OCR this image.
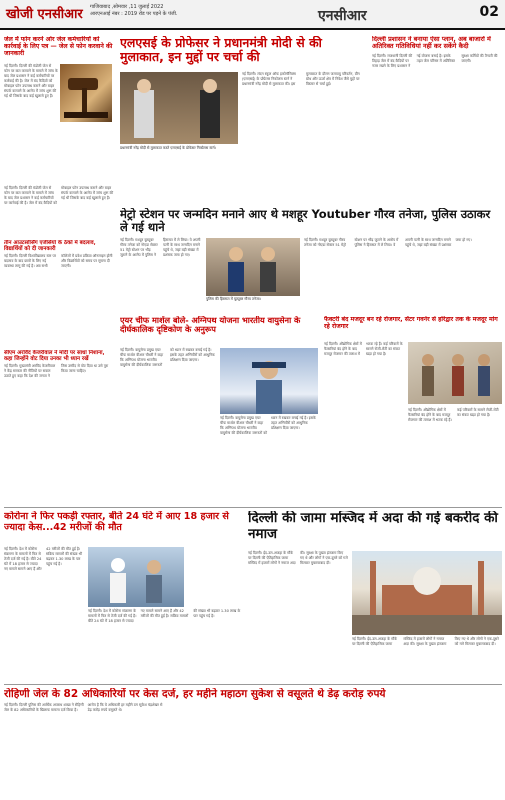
खोजी एनसीआर गाजियाबाद ,सोमवार ,11 जुलाई 2022
आरएनआई नंबर : 2019 रोड पर पड़ने के पंजी.	एनसीआर	02
जेल में फोन करने ओर जेल कर्मचारियों को कार्रवाई के लिए पत्र — जेल से फोन करवाने की जानकारी
नई दिल्ली। दिल्ली की मंडोली जेल से फोन पर बात करवाने के मामले में जांच के बाद जेल प्रशासन ने कई कर्मचारियों पर कार्रवाई की है। जेल में बंद कैदियों को मोबाइल फोन उपलब्ध कराने और बाहर संपर्क करवाने के आरोप में जांच शुरू की गई थी जिसके बाद कई खुलासे हुए हैं।
नई दिल्ली। दिल्ली की मंडोली जेल से फोन पर बात करवाने के मामले में जांच के बाद जेल प्रशासन ने कई कर्मचारियों पर कार्रवाई की है। जेल में बंद कैदियों को मोबाइल फोन उपलब्ध कराने और बाहर संपर्क करवाने के आरोप में जांच शुरू की गई थी जिसके बाद कई खुलासे हुए हैं।
तीन आउटसोर्सिंग एजेंसियों के ठेकों में बदलाव, विद्यार्थियों को दी जानकारी
नई दिल्ली। दिल्ली विश्वविद्यालय स्तर पर बदलाव के बाद छात्रों के लिए नई व्यवस्था लागू की गई है। अब सभी कॉलेजों में प्रवेश प्रक्रिया ऑनलाइन होगी और विद्यार्थियों को समय पर सूचना दी जाएगी।
सीएम अरविंद केजरीवाल ने मोदी पर साधा निशाना, कहा जिन्होंने वोट दिया उनका भी ध्यान रखें
नई दिल्ली। मुख्यमंत्री अरविंद केजरीवाल ने केंद्र सरकार की नीतियों पर सवाल उठाते हुए कहा कि देश की जनता ने जिस उम्मीद से वोट दिया था उसे पूरा किया जाना चाहिए।
एलएसई के प्रोफेसर ने प्रधानमंत्री मोदी से की मुलाकात, इन मुद्दों पर चर्चा की
प्रधानमंत्री नरेंद्र मोदी से मुलाकात करते एलएसई के प्रोफेसर निकोलस स्टर्न।
नई दिल्ली। लंदन स्कूल ऑफ इकोनॉमिक्स (एलएसई) के प्रोफेसर निकोलस स्टर्न ने प्रधानमंत्री नरेंद्र मोदी से मुलाकात की। इस मुलाकात के दौरान जलवायु परिवर्तन, ग्रीन ग्रोथ और ऊर्जा क्षेत्र में निवेश जैसे मुद्दों पर विस्तार से चर्चा हुई।
दिल्ली प्रशासन ने बनाया ऐसा प्लान, अब बाजारों में अतिरिक्त गतिविधियां नहीं कर सकेंगे कैदी
नई दिल्ली। राजधानी दिल्ली की तिहाड़ जेल में बंद कैदियों पर नजर रखने के लिए प्रशासन ने नई योजना बनाई है। इसके तहत जेल परिसर में अतिरिक्त सुरक्षा कर्मियों की तैनाती की जाएगी।
मेट्रो स्टेशन पर जन्मदिन मनाने आए थे मशहूर Youtuber गौरव तनेजा, पुलिस उठाकर ले गई थाने
नई दिल्ली। मशहूर यूट्यूबर गौरव तनेजा को नोएडा सेक्टर 51 मेट्रो स्टेशन पर भीड़ जुटाने के आरोप में पुलिस ने हिरासत में ले लिया। वे अपनी पत्नी के साथ जन्मदिन मनाने पहुंचे थे, जहां बड़ी संख्या में प्रशंसक जमा हो गए।
पुलिस की हिरासत में यूट्यूबर गौरव तनेजा।
नई दिल्ली। मशहूर यूट्यूबर गौरव तनेजा को नोएडा सेक्टर 51 मेट्रो स्टेशन पर भीड़ जुटाने के आरोप में पुलिस ने हिरासत में ले लिया। वे अपनी पत्नी के साथ जन्मदिन मनाने पहुंचे थे, जहां बड़ी संख्या में प्रशंसक जमा हो गए।
एयर चीफ मार्शल बोले- अग्निपथ योजना भारतीय वायुसेना के दीर्घकालिक दृष्टिकोण के अनुरूप
नई दिल्ली। वायुसेना प्रमुख एयर चीफ मार्शल वीआर चौधरी ने कहा कि अग्निपथ योजना भारतीय वायुसेना की दीर्घकालिक जरूरतों को ध्यान में रखकर बनाई गई है। इसके तहत अग्निवीरों को आधुनिक प्रशिक्षण दिया जाएगा।
नई दिल्ली। वायुसेना प्रमुख एयर चीफ मार्शल वीआर चौधरी ने कहा कि अग्निपथ योजना भारतीय वायुसेना की दीर्घकालिक जरूरतों को ध्यान में रखकर बनाई गई है। इसके तहत अग्निवीरों को आधुनिक प्रशिक्षण दिया जाएगा।
फैक्टरी बंद मजदूर बन रहे रोजगार, सेंटर गवर्नर से हरिद्वार तक के मजदूर मांग रहे रोजगार
नई दिल्ली। औद्योगिक क्षेत्रों में फैक्टरियां बंद होने के बाद मजदूर रोजगार की तलाश में भटक रहे हैं। कई परिवारों के सामने रोजी-रोटी का संकट खड़ा हो गया है।
नई दिल्ली। औद्योगिक क्षेत्रों में फैक्टरियां बंद होने के बाद मजदूर रोजगार की तलाश में भटक रहे हैं। कई परिवारों के सामने रोजी-रोटी का संकट खड़ा हो गया है।
कोरोना ने फिर पकड़ी रफ्तार, बीते 24 घंटे में आए 18 हजार से ज्यादा केस...42 मरीजों की मौत
नई दिल्ली। देश में कोरोना संक्रमण के मामलों में फिर से तेजी दर्ज की गई है। बीते 24 घंटे में 18 हजार से ज्यादा नए मामले सामने आए हैं और 42 मरीजों की मौत हुई है। सक्रिय मामलों की संख्या भी बढ़कर 1.30 लाख के पार पहुंच गई है।
नई दिल्ली। देश में कोरोना संक्रमण के मामलों में फिर से तेजी दर्ज की गई है। बीते 24 घंटे में 18 हजार से ज्यादा नए मामले सामने आए हैं और 42 मरीजों की मौत हुई है। सक्रिय मामलों की संख्या भी बढ़कर 1.30 लाख के पार पहुंच गई है।
दिल्ली की जामा मस्जिद में अदा की गई बकरीद की नमाज
नई दिल्ली। ईद-उल-अजहा के मौके पर दिल्ली की ऐतिहासिक जामा मस्जिद में हजारों लोगों ने नमाज अदा की। सुरक्षा के पुख्ता इंतजाम किए गए थे और लोगों ने एक-दूसरे को गले मिलकर मुबारकबाद दी।
नई दिल्ली। ईद-उल-अजहा के मौके पर दिल्ली की ऐतिहासिक जामा मस्जिद में हजारों लोगों ने नमाज अदा की। सुरक्षा के पुख्ता इंतजाम किए गए थे और लोगों ने एक-दूसरे को गले मिलकर मुबारकबाद दी।
रोहिणी जेल के 82 अधिकारियों पर केस दर्ज, हर महीने महाठग सुकेश से वसूलते थे डेढ़ करोड़ रुपये
नई दिल्ली। दिल्ली पुलिस की आर्थिक अपराध शाखा ने रोहिणी जेल के 82 अधिकारियों के खिलाफ मामला दर्ज किया है। आरोप है कि ये अधिकारी हर महीने ठग सुकेश चंद्रशेखर से डेढ़ करोड़ रुपये वसूलते थे।
